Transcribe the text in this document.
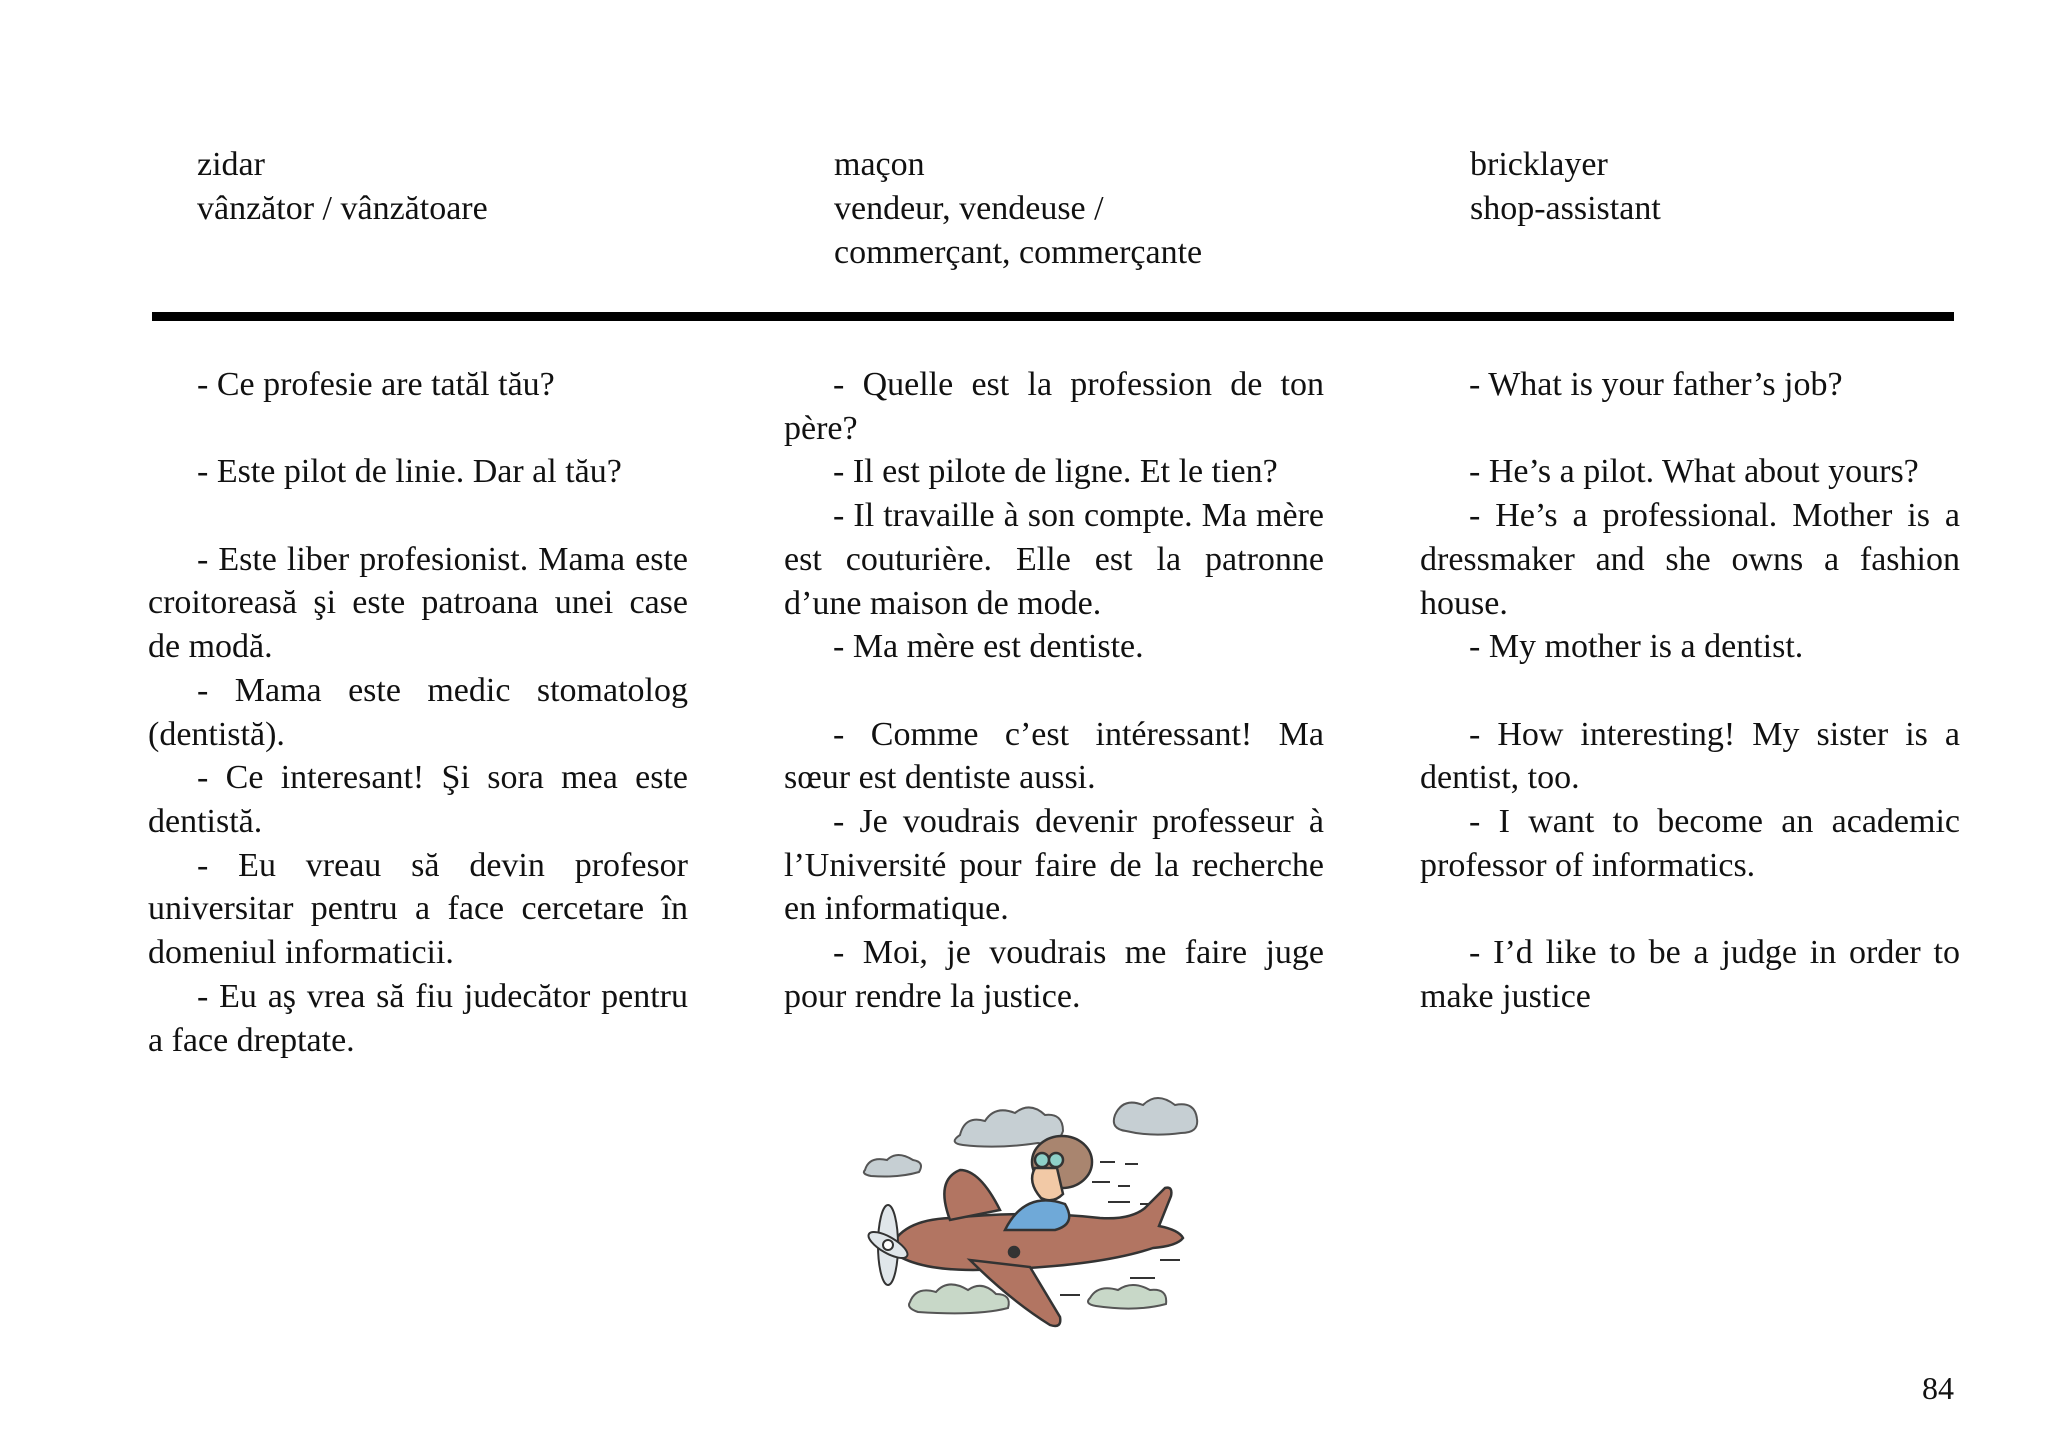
zidar
vânzător / vânzătoare
maçon
vendeur, vendeuse /
commerçant, commerçante
bricklayer
shop-assistant

- Ce profesie are tatăl tău?

- Este pilot de linie. Dar al tău?

- Este liber profesionist. Mama este croitoreasă şi este patroana unei case de modă.

- Mama este medic stomatolog (dentistă).

- Ce interesant! Şi sora mea este dentistă.

- Eu vreau să devin profesor universitar pentru a face cercetare în domeniul informaticii.

- Eu aş vrea să fiu judecător pentru a face dreptate.

- Quelle est la profession de ton père?

- Il est pilote de ligne. Et le tien?

- Il travaille à son compte. Ma mère est couturière. Elle est la patronne d’une maison de mode.

- Ma mère est dentiste.

- Comme c’est intéressant! Ma sœur est dentiste aussi.

- Je voudrais devenir professeur à l’Université pour faire de la recherche en informatique.

- Moi, je voudrais me faire juge pour rendre la justice.

- What is your father’s job?

- He’s a pilot. What about yours?

- He’s a professional. Mother is a dressmaker and she owns a fashion house.

- My mother is a dentist.

- How interesting! My sister is a dentist, too.

- I want to become an academic professor of informatics.

- I’d like to be a judge in order to make justice

84
